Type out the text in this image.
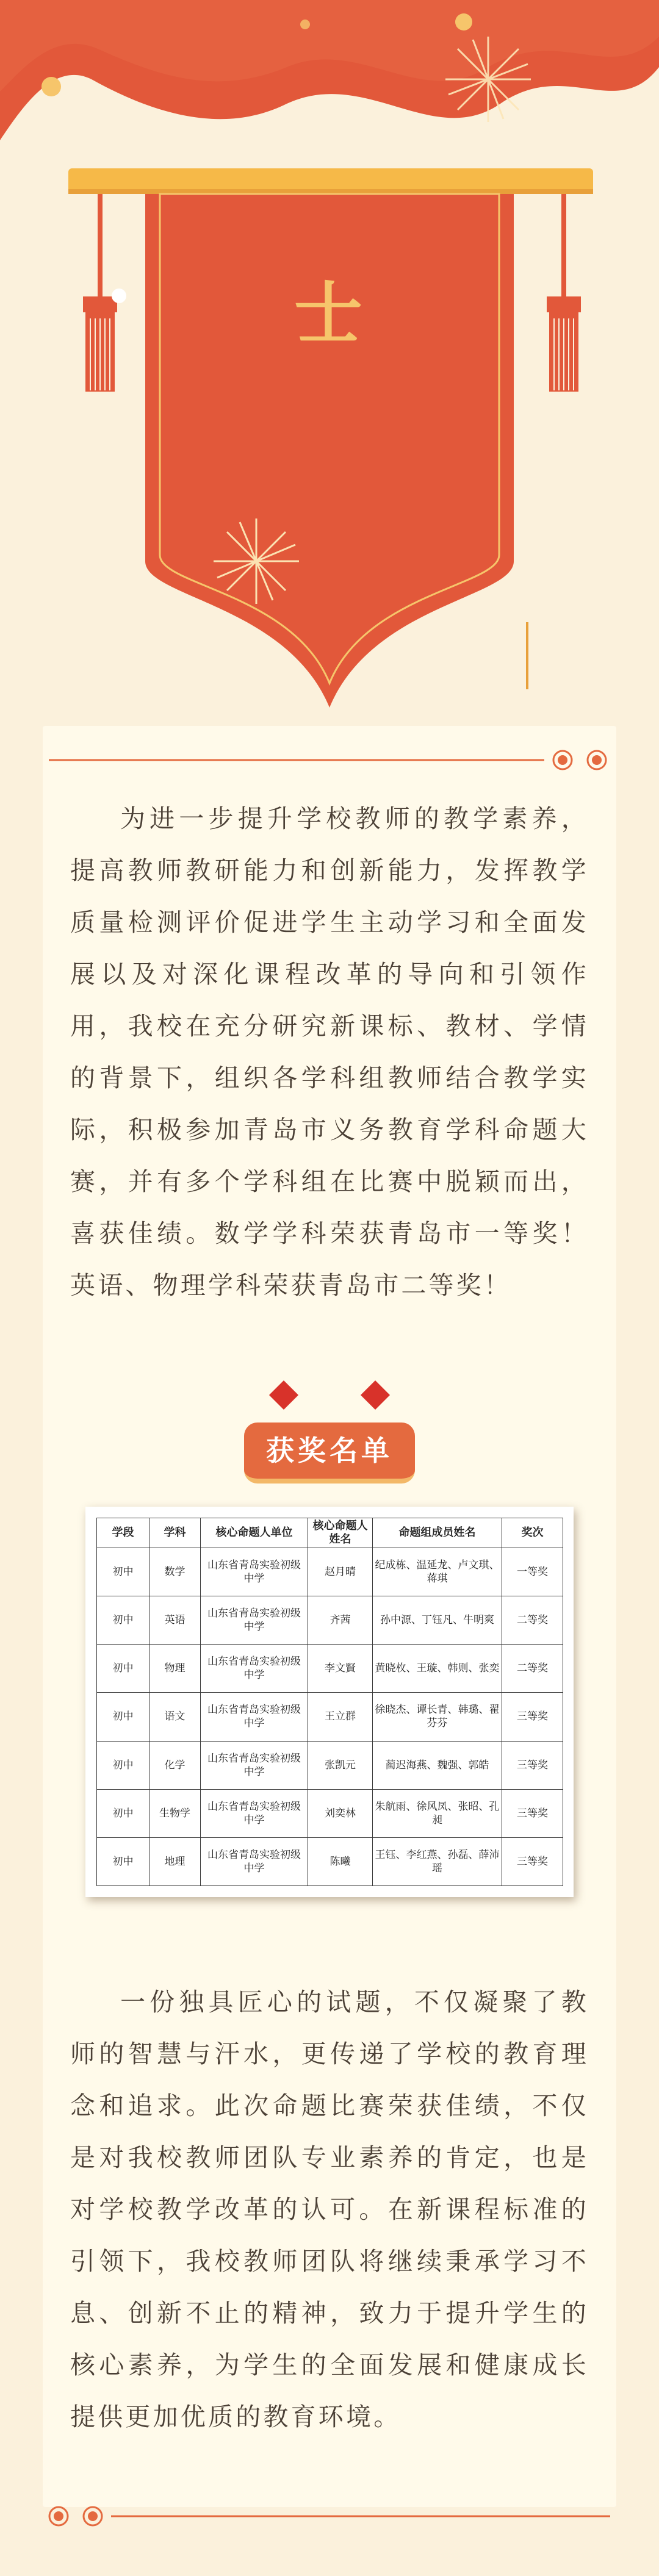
士

为进一步提升学校教师的教学素养，提高教师教研能力和创新能力，发挥教学质量检测评价促进学生主动学习和全面发展以及对深化课程改革的导向和引领作用，我校在充分研究新课标、教材、学情的背景下，组织各学科组教师结合教学实际，积极参加青岛市义务教育学科命题大赛，并有多个学科组在比赛中脱颖而出，喜获佳绩。数学学科荣获青岛市一等奖！英语、物理学科荣获青岛市二等奖！

获奖名单
学段	学科	核心命题人单位	核心命题人姓名	命题组成员姓名	奖次
初中	数学	山东省青岛实验初级中学	赵月晴	纪成栋、温延龙、卢文琪、蒋琪	一等奖
初中	英语	山东省青岛实验初级中学	齐茜	孙中源、丁钰凡、牛明爽	二等奖
初中	物理	山东省青岛实验初级中学	李文賢	黄晓枚、王璇、韩则、张奕	二等奖
初中	语文	山东省青岛实验初级中学	王立群	徐晓杰、谭长青、韩璐、翟芬芬	三等奖
初中	化学	山东省青岛实验初级中学	张凯元	蔺迟海燕、魏强、郭皓	三等奖
初中	生物学	山东省青岛实验初级中学	刘奕林	朱航雨、徐风凤、张昭、孔昶	三等奖
初中	地理	山东省青岛实验初级中学	陈曦	王钰、李红燕、孙磊、薛沛瑶	三等奖

一份独具匠心的试题，不仅凝聚了教师的智慧与汗水，更传递了学校的教育理念和追求。此次命题比赛荣获佳绩，不仅是对我校教师团队专业素养的肯定，也是对学校教学改革的认可。在新课程标准的引领下，我校教师团队将继续秉承学习不息、创新不止的精神，致力于提升学生的核心素养，为学生的全面发展和健康成长提供更加优质的教育环境。
